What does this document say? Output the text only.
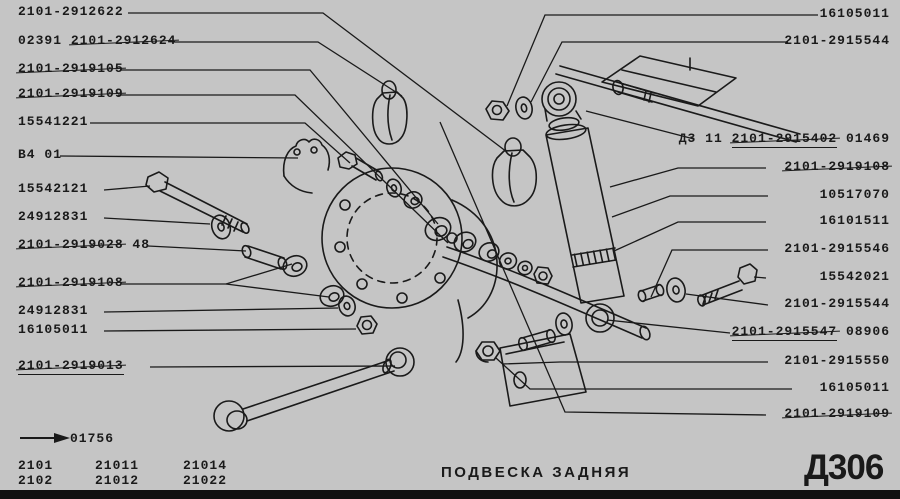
2101-2912622
02391 2101-2912624
2101-2919105
2101-2919109
15541221
В4 01
15542121
24912831
2101-2919028 48
2101-2919108
24912831
16105011
2101-2919013
16105011
2101-2915544
Д3 11 2101-2915402 01469
2101-2919108
10517070
16101511
2101-2915546
15542021
2101-2915544
2101-2915547 08906
2101-2915550
16105011
2101-2919109
01756
2101	21011	21014
2102	21012	21022	ПОДВЕСКА ЗАДНЯЯ	Д306
